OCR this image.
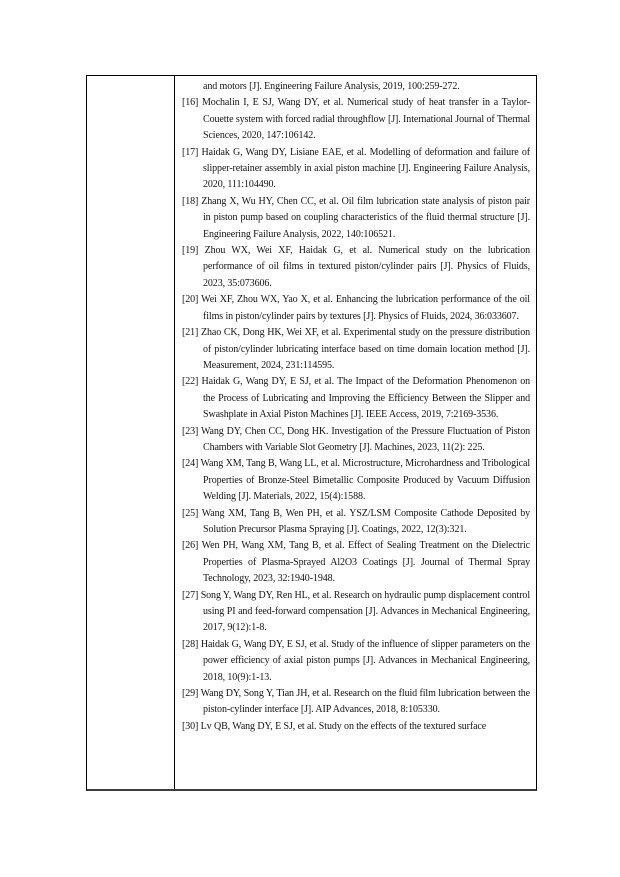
and motors [J]. Engineering Failure Analysis, 2019, 100:259-272.
[16] Mochalin I, E SJ, Wang DY, et al. Numerical study of heat transfer in a Taylor-Couette system with forced radial throughflow [J]. International Journal of Thermal Sciences, 2020, 147:106142.
[17] Haidak G, Wang DY, Lisiane EAE, et al. Modelling of deformation and failure of slipper-retainer assembly in axial piston machine [J]. Engineering Failure Analysis, 2020, 111:104490.
[18] Zhang X, Wu HY, Chen CC, et al. Oil film lubrication state analysis of piston pair in piston pump based on coupling characteristics of the fluid thermal structure [J]. Engineering Failure Analysis, 2022, 140:106521.
[19] Zhou WX, Wei XF, Haidak G, et al. Numerical study on the lubrication performance of oil films in textured piston/cylinder pairs [J]. Physics of Fluids, 2023, 35:073606.
[20] Wei XF, Zhou WX, Yao X, et al. Enhancing the lubrication performance of the oil films in piston/cylinder pairs by textures [J]. Physics of Fluids, 2024, 36:033607.
[21] Zhao CK, Dong HK, Wei XF, et al. Experimental study on the pressure distribution of piston/cylinder lubricating interface based on time domain location method [J]. Measurement, 2024, 231:114595.
[22] Haidak G, Wang DY, E SJ, et al. The Impact of the Deformation Phenomenon on the Process of Lubricating and Improving the Efficiency Between the Slipper and Swashplate in Axial Piston Machines [J]. IEEE Access, 2019, 7:2169-3536.
[23] Wang DY, Chen CC, Dong HK. Investigation of the Pressure Fluctuation of Piston Chambers with Variable Slot Geometry [J]. Machines, 2023, 11(2): 225.
[24] Wang XM, Tang B, Wang LL, et al. Microstructure, Microhardness and Tribological Properties of Bronze-Steel Bimetallic Composite Produced by Vacuum Diffusion Welding [J]. Materials, 2022, 15(4):1588.
[25] Wang XM, Tang B, Wen PH, et al. YSZ/LSM Composite Cathode Deposited by Solution Precursor Plasma Spraying [J]. Coatings, 2022, 12(3):321.
[26] Wen PH, Wang XM, Tang B, et al. Effect of Sealing Treatment on the Dielectric Properties of Plasma-Sprayed Al2O3 Coatings [J]. Journal of Thermal Spray Technology, 2023, 32:1940-1948.
[27] Song Y, Wang DY, Ren HL, et al. Research on hydraulic pump displacement control using PI and feed-forward compensation [J]. Advances in Mechanical Engineering, 2017, 9(12):1-8.
[28] Haidak G, Wang DY, E SJ, et al. Study of the influence of slipper parameters on the power efficiency of axial piston pumps [J]. Advances in Mechanical Engineering, 2018, 10(9):1-13.
[29] Wang DY, Song Y, Tian JH, et al. Research on the fluid film lubrication between the piston-cylinder interface [J]. AIP Advances, 2018, 8:105330.
[30] Lv QB, Wang DY, E SJ, et al. Study on the effects of the textured surface
